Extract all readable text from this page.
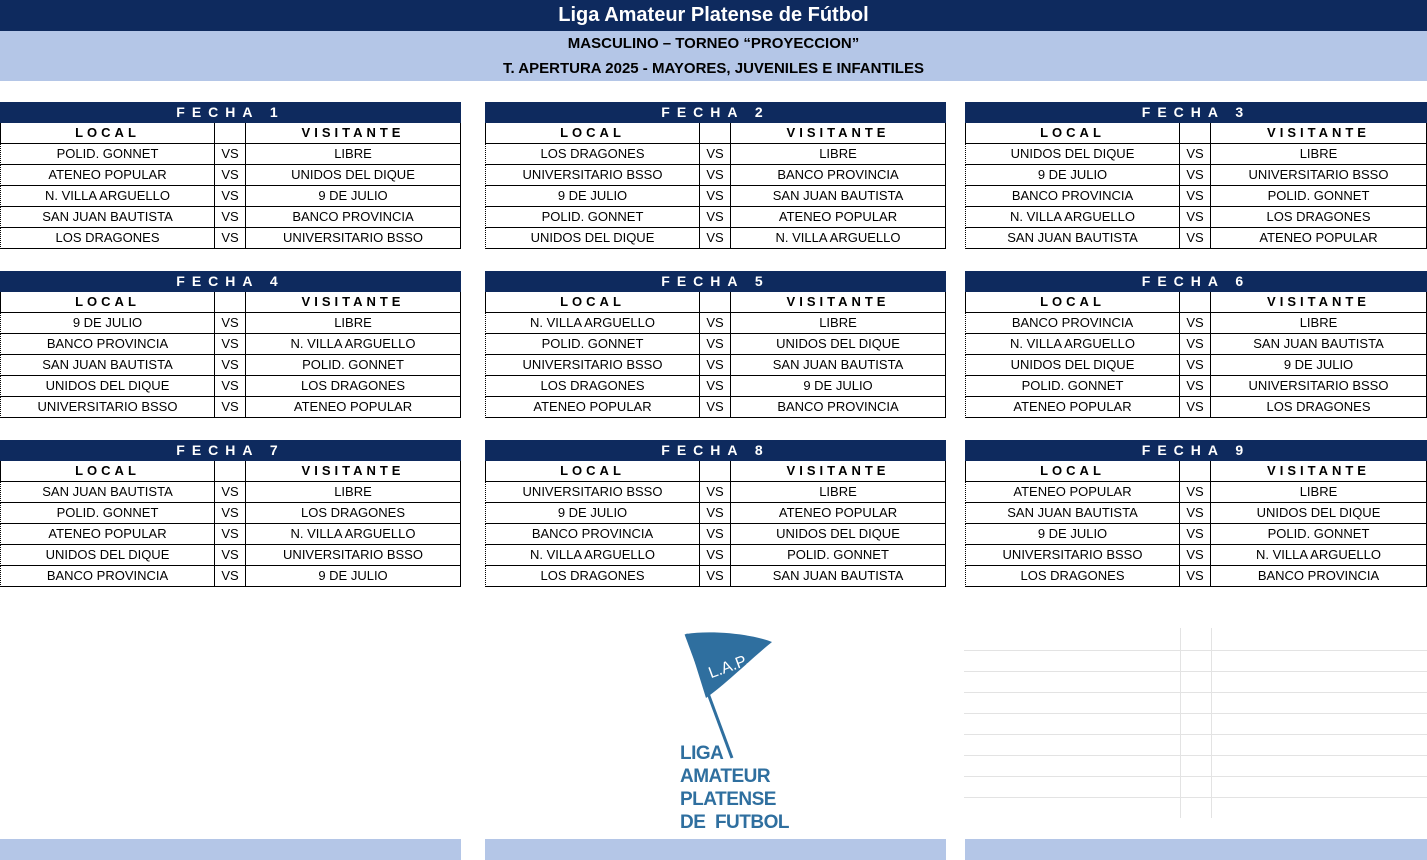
Liga Amateur Platense de Fútbol
MASCULINO – TORNEO “PROYECCION”
T. APERTURA 2025 - MAYORES, JUVENILES E INFANTILES
FECHA 1
LOCAL	VISITANTE
POLID. GONNET	VS	LIBRE
ATENEO POPULAR	VS	UNIDOS DEL DIQUE
N. VILLA ARGUELLO	VS	9 DE JULIO
SAN JUAN BAUTISTA	VS	BANCO PROVINCIA
LOS DRAGONES	VS	UNIVERSITARIO BSSO
FECHA 2
LOCAL	VISITANTE
LOS DRAGONES	VS	LIBRE
UNIVERSITARIO BSSO	VS	BANCO PROVINCIA
9 DE JULIO	VS	SAN JUAN BAUTISTA
POLID. GONNET	VS	ATENEO POPULAR
UNIDOS DEL DIQUE	VS	N. VILLA ARGUELLO
FECHA 3
LOCAL	VISITANTE
UNIDOS DEL DIQUE	VS	LIBRE
9 DE JULIO	VS	UNIVERSITARIO BSSO
BANCO PROVINCIA	VS	POLID. GONNET
N. VILLA ARGUELLO	VS	LOS DRAGONES
SAN JUAN BAUTISTA	VS	ATENEO POPULAR
FECHA 4
LOCAL	VISITANTE
9 DE JULIO	VS	LIBRE
BANCO PROVINCIA	VS	N. VILLA ARGUELLO
SAN JUAN BAUTISTA	VS	POLID. GONNET
UNIDOS DEL DIQUE	VS	LOS DRAGONES
UNIVERSITARIO BSSO	VS	ATENEO POPULAR
FECHA 5
LOCAL	VISITANTE
N. VILLA ARGUELLO	VS	LIBRE
POLID. GONNET	VS	UNIDOS DEL DIQUE
UNIVERSITARIO BSSO	VS	SAN JUAN BAUTISTA
LOS DRAGONES	VS	9 DE JULIO
ATENEO POPULAR	VS	BANCO PROVINCIA
FECHA 6
LOCAL	VISITANTE
BANCO PROVINCIA	VS	LIBRE
N. VILLA ARGUELLO	VS	SAN JUAN BAUTISTA
UNIDOS DEL DIQUE	VS	9 DE JULIO
POLID. GONNET	VS	UNIVERSITARIO BSSO
ATENEO POPULAR	VS	LOS DRAGONES
FECHA 7
LOCAL	VISITANTE
SAN JUAN BAUTISTA	VS	LIBRE
POLID. GONNET	VS	LOS DRAGONES
ATENEO POPULAR	VS	N. VILLA ARGUELLO
UNIDOS DEL DIQUE	VS	UNIVERSITARIO BSSO
BANCO PROVINCIA	VS	9 DE JULIO
FECHA 8
LOCAL	VISITANTE
UNIVERSITARIO BSSO	VS	LIBRE
9 DE JULIO	VS	ATENEO POPULAR
BANCO PROVINCIA	VS	UNIDOS DEL DIQUE
N. VILLA ARGUELLO	VS	POLID. GONNET
LOS DRAGONES	VS	SAN JUAN BAUTISTA
FECHA 9
LOCAL	VISITANTE
ATENEO POPULAR	VS	LIBRE
SAN JUAN BAUTISTA	VS	UNIDOS DEL DIQUE
9 DE JULIO	VS	POLID. GONNET
UNIVERSITARIO BSSO	VS	N. VILLA ARGUELLO
LOS DRAGONES	VS	BANCO PROVINCIA
L.A.P.
LIGA
AMATEUR
PLATENSE
DE  FUTBOL
